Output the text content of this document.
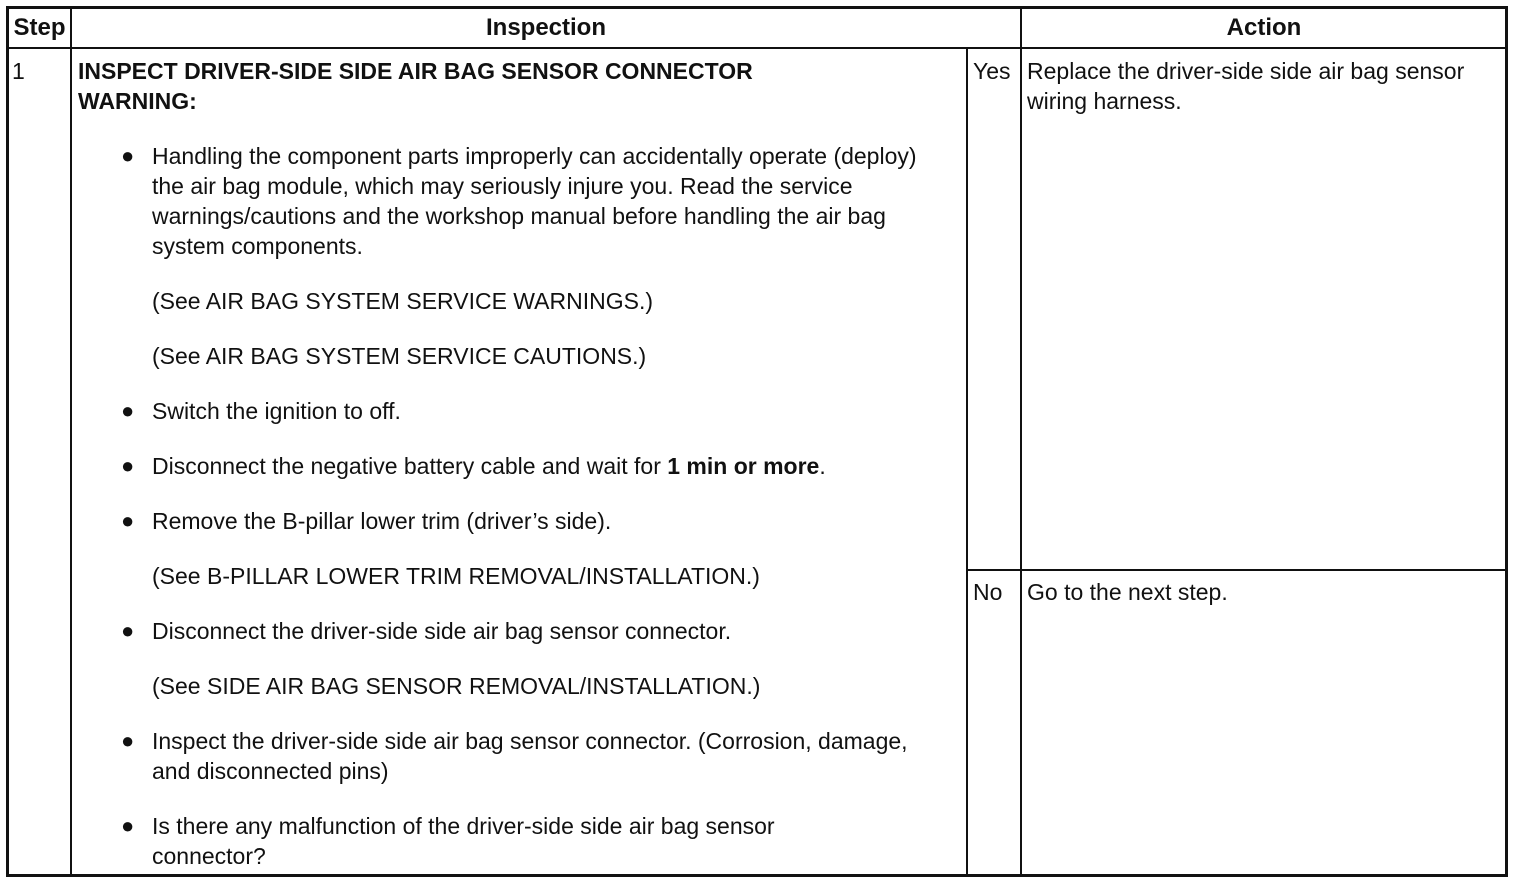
Step	Inspection	Action
1 INSPECT DRIVER-SIDE SIDE AIR BAG SENSOR CONNECTOR
WARNING:
● Handling the component parts improperly can accidentally operate (deploy) the air bag module, which may seriously injure you. Read the service warnings/cautions and the workshop manual before handling the air bag system components.
(See AIR BAG SYSTEM SERVICE WARNINGS.)
(See AIR BAG SYSTEM SERVICE CAUTIONS.)
● Switch the ignition to off.
● Disconnect the negative battery cable and wait for 1 min or more.
● Remove the B-pillar lower trim (driver’s side).
(See B-PILLAR LOWER TRIM REMOVAL/INSTALLATION.)
● Disconnect the driver-side side air bag sensor connector.
(See SIDE AIR BAG SENSOR REMOVAL/INSTALLATION.)
● Inspect the driver-side side air bag sensor connector. (Corrosion, damage, and disconnected pins)
● Is there any malfunction of the driver-side side air bag sensor connector?
Yes Replace the driver-side side air bag sensor wiring harness.
No Go to the next step.
